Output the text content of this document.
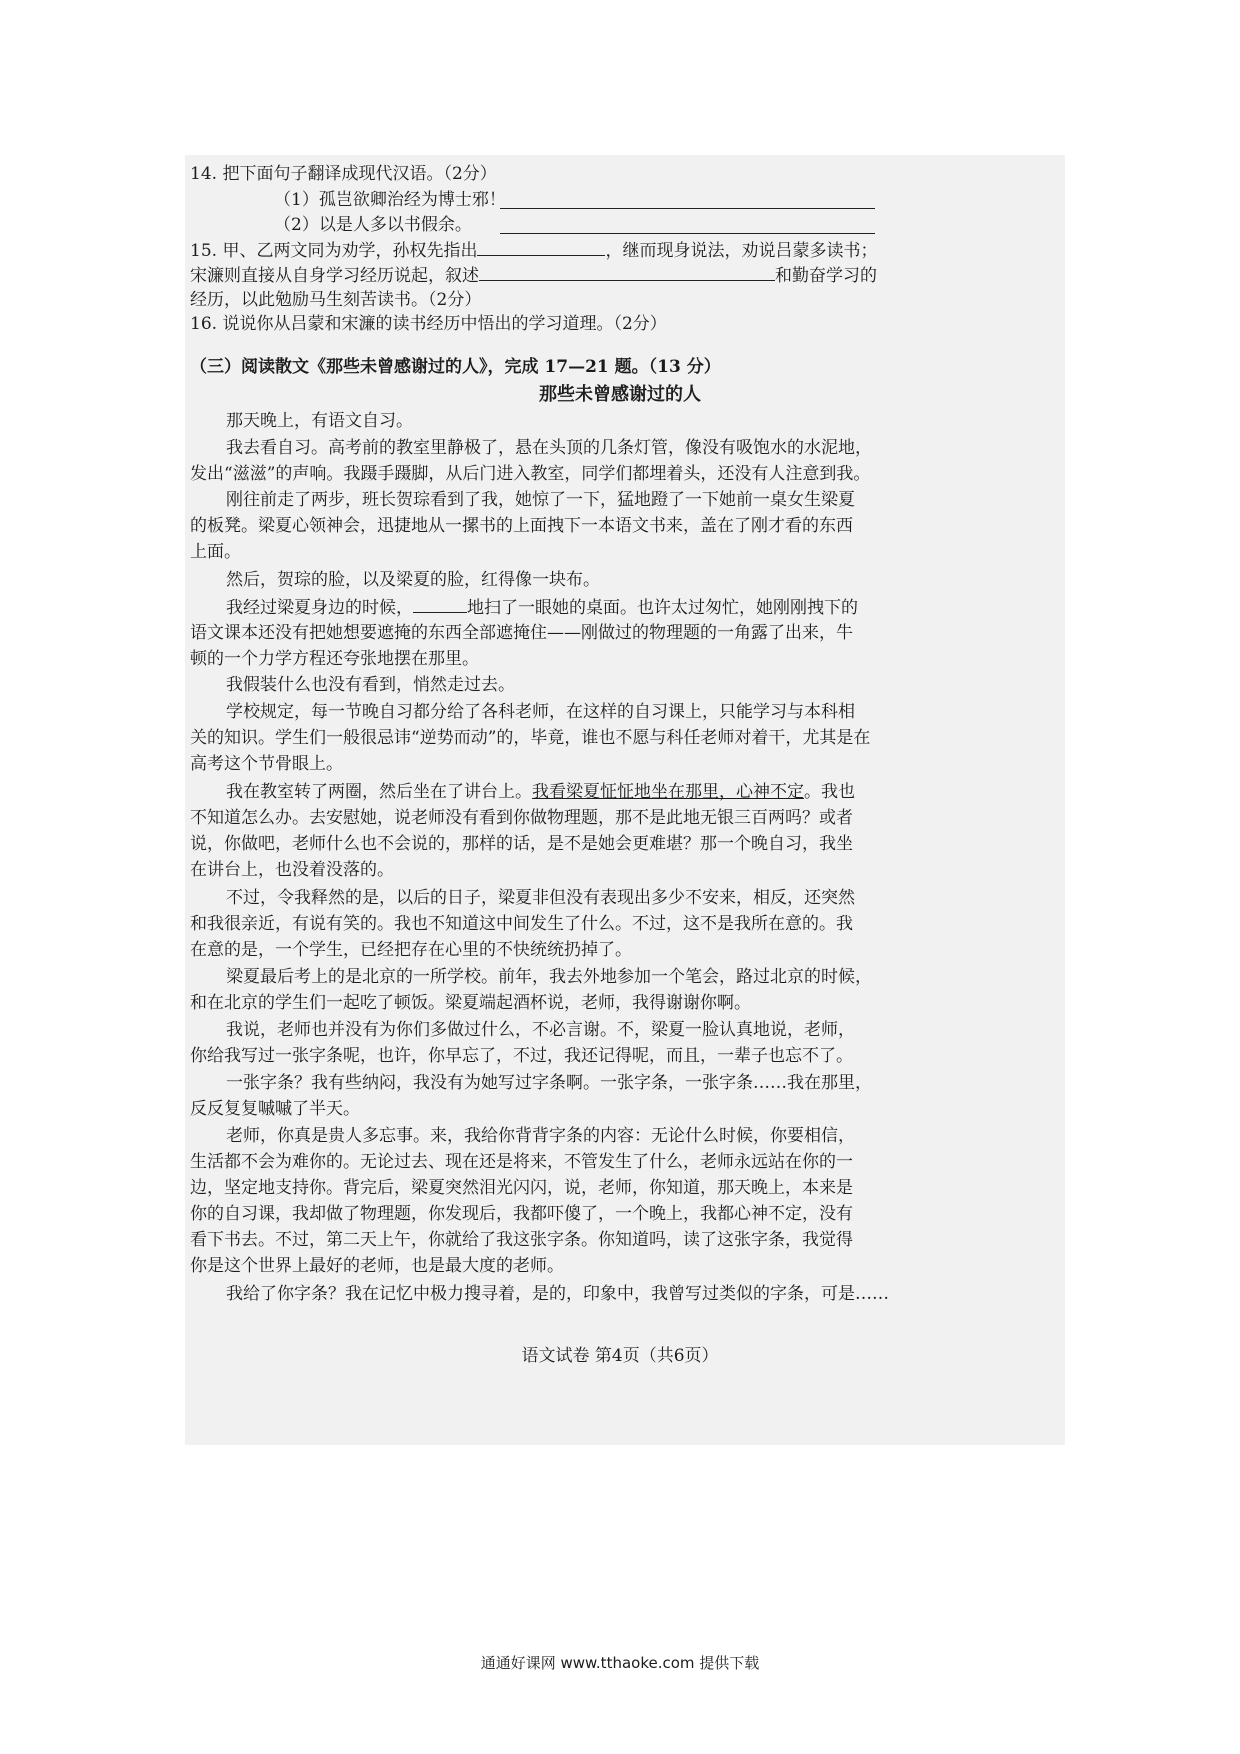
14. 把下面句子翻译成现代汉语。（2分）
（1）孤岂欲卿治经为博士邪！
（2）以是人多以书假余。
15. 甲、乙两文同为劝学，孙权先指出	，继而现身说法，劝说吕蒙多读书；
宋濂则直接从自身学习经历说起，叙述	和勤奋学习的
经历，以此勉励马生刻苦读书。（2分）
16. 说说你从吕蒙和宋濂的读书经历中悟出的学习道理。（2分）
（三）阅读散文《那些未曾感谢过的人》，完成 17—21 题。（13 分）
那些未曾感谢过的人
那天晚上，有语文自习。
我去看自习。高考前的教室里静极了，悬在头顶的几条灯管，像没有吸饱水的水泥地，
发出“滋滋”的声响。我蹑手蹑脚，从后门进入教室，同学们都埋着头，还没有人注意到我。
刚往前走了两步，班长贺琮看到了我，她惊了一下，猛地蹬了一下她前一桌女生梁夏
的板凳。梁夏心领神会，迅捷地从一摞书的上面拽下一本语文书来，盖在了刚才看的东西
上面。
然后，贺琮的脸，以及梁夏的脸，红得像一块布。
我经过梁夏身边的时候，	地扫了一眼她的桌面。也许太过匆忙，她刚刚拽下的
语文课本还没有把她想要遮掩的东西全部遮掩住——刚做过的物理题的一角露了出来，牛
顿的一个力学方程还夸张地摆在那里。
我假装什么也没有看到，悄然走过去。
学校规定，每一节晚自习都分给了各科老师，在这样的自习课上，只能学习与本科相
关的知识。学生们一般很忌讳“逆势而动”的，毕竟，谁也不愿与科任老师对着干，尤其是在
高考这个节骨眼上。
我在教室转了两圈，然后坐在了讲台上。我看梁夏怔怔地坐在那里，心神不定。我也
不知道怎么办。去安慰她，说老师没有看到你做物理题，那不是此地无银三百两吗？或者
说，你做吧，老师什么也不会说的，那样的话，是不是她会更难堪？那一个晚自习，我坐
在讲台上，也没着没落的。
不过，令我释然的是，以后的日子，梁夏非但没有表现出多少不安来，相反，还突然
和我很亲近，有说有笑的。我也不知道这中间发生了什么。不过，这不是我所在意的。我
在意的是，一个学生，已经把存在心里的不快统统扔掉了。
梁夏最后考上的是北京的一所学校。前年，我去外地参加一个笔会，路过北京的时候，
和在北京的学生们一起吃了顿饭。梁夏端起酒杯说，老师，我得谢谢你啊。
我说，老师也并没有为你们多做过什么，不必言谢。不，梁夏一脸认真地说，老师，
你给我写过一张字条呢，也许，你早忘了，不过，我还记得呢，而且，一辈子也忘不了。
一张字条？我有些纳闷，我没有为她写过字条啊。一张字条，一张字条……我在那里，
反反复复嘁嘁了半天。
老师，你真是贵人多忘事。来，我给你背背字条的内容：无论什么时候，你要相信，
生活都不会为难你的。无论过去、现在还是将来，不管发生了什么，老师永远站在你的一
边，坚定地支持你。背完后，梁夏突然泪光闪闪，说，老师，你知道，那天晚上，本来是
你的自习课，我却做了物理题，你发现后，我都吓傻了，一个晚上，我都心神不定，没有
看下书去。不过，第二天上午，你就给了我这张字条。你知道吗，读了这张字条，我觉得
你是这个世界上最好的老师，也是最大度的老师。
我给了你字条？我在记忆中极力搜寻着，是的，印象中，我曾写过类似的字条，可是……
语文试卷 第4页（共6页）
通通好课网 www.tthaoke.com 提供下载
